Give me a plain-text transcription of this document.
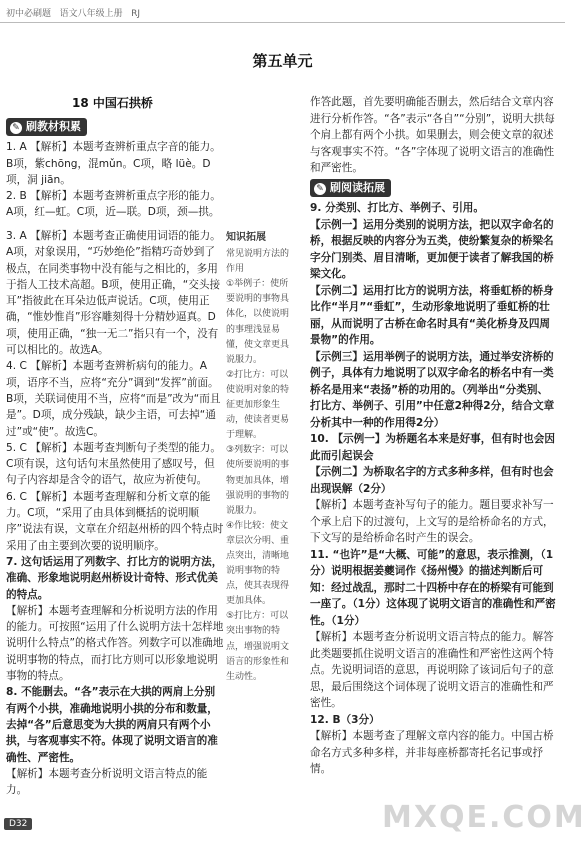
初中必刷题   语文八年级上册   RJ
第五单元
18 中国石拱桥
✎ 刷教材积累

1. A 【解析】本题考查辨析重点字音的能力。B项，紫chōng，混mǔn。C项，略 lüè。D项，洞 jiān。

2. B 【解析】本题考查辨析重点字形的能力。A项，红—虹。C项，近—联。D项，颈—拱。

3. A 【解析】本题考查正确使用词语的能力。A项，对象误用，“巧妙绝伦”指精巧奇妙到了极点，在同类事物中没有能与之相比的，多用于指人工技术高超。B项，使用正确，“交头接耳”指彼此在耳朵边低声说话。C项，使用正确，“惟妙惟肖”形容雕刻得十分精妙逼真。D项，使用正确，“独一无二”指只有一个，没有可以相比的。故选A。

4. C 【解析】本题考查辨析病句的能力。A项，语序不当，应将“充分”调到“发挥”前面。B项，关联词使用不当，应将“而是”改为“而且是”。D项，成分残缺，缺少主语，可去掉“通过”或“使”。故选C。

5. C 【解析】本题考查判断句子类型的能力。C项有误，这句话句末虽然使用了感叹号，但句子内容却是含令的语气，故应为祈使句。

6. C 【解析】本题考查理解和分析文章的能力。C项，“采用了由具体到概括的说明顺序”说法有误，文章在介绍赵州桥的四个特点时采用了由主要到次要的说明顺序。

7. 这句话运用了列数字、打比方的说明方法，准确、形象地说明赵州桥设计奇特、形式优美的特点。

【解析】本题考查理解和分析说明方法的作用的能力。可按照“运用了什么说明方法十怎样地说明什么特点”的格式作答。列数字可以准确地说明事物的特点，而打比方则可以形象地说明事物的特点。

8. 不能删去。“各”表示在大拱的两肩上分别有两个小拱，准确地说明小拱的分布和数量，去掉“各”后意思变为大拱的两肩只有两个小拱，与客观事实不符。体现了说明文语言的准确性、严密性。

【解析】本题考查分析说明文语言特点的能力。

知识拓展

常见说明方法的作用

①举例子：使所要说明的事物具体化，以使说明的事理浅显易懂，使文章更具说服力。

②打比方：可以使说明对象的特征更加形象生动，使读者更易于理解。

③列数字：可以使所要说明的事物更加具体，增强说明的事物的说服力。

④作比较：使文章层次分明、重点突出，清晰地说明事物的特点，使其表现得更加具体。

⑤打比方：可以突出事物的特点，增强说明文语言的形象性和生动性。

作答此题，首先要明确能否删去，然后结合文章内容进行分析作答。“各”表示“各自”“分别”，说明大拱每个肩上都有两个小拱。如果删去，则会使文章的叙述与客观事实不符。“各”字体现了说明文语言的准确性和严密性。

✎ 刷阅读拓展

9. 分类别、打比方、举例子、引用。

【示例一】运用分类别的说明方法，把以双字命名的桥，根据反映的内容分为五类，使纷繁复杂的桥梁名字分门别类、眉目清晰，更加便于读者了解我国的桥梁文化。

【示例二】运用打比方的说明方法，将垂虹桥的桥身比作“半月”“垂虹”，生动形象地说明了垂虹桥的壮丽，从而说明了古桥在命名时具有“美化桥身及四周景物”的作用。

【示例三】运用举例子的说明方法，通过举安济桥的例子，具体有力地说明了以双字命名的桥名中有一类桥名是用来“表扬”桥的功用的。（列举出“分类别、打比方、举例子、引用”中任意2种得2分，结合文章分析其中一种的作用得2分）

10. 【示例一】为桥题名本来是好事，但有时也会因此而引起误会

【示例二】为桥取名字的方式多种多样，但有时也会出现误解（2分）

【解析】本题考查补写句子的能力。题目要求补写一个承上启下的过渡句，上文写的是给桥命名的方式，下文写的是给桥命名时产生的误会。

11. “也许”是“大概、可能”的意思，表示推测，（1分）说明根据姜夔词作《扬州慢》的描述判断后可知：经过战乱，那时二十四桥中存在的桥梁有可能到一座了。（1分）这体现了说明文语言的准确性和严密性。（1分）

【解析】本题考查分析说明文语言特点的能力。解答此类题要抓住说明文语言的准确性和严密性这两个特点。先说明词语的意思，再说明除了该词后句子的意思，最后围绕这个词体现了说明文语言的准确性和严密性。

12. B（3分）

【解析】本题考查了理解文章内容的能力。中国古桥命名方式多种多样，并非每座桥都寄托名记事或抒情。

D32	MXQE.COM
